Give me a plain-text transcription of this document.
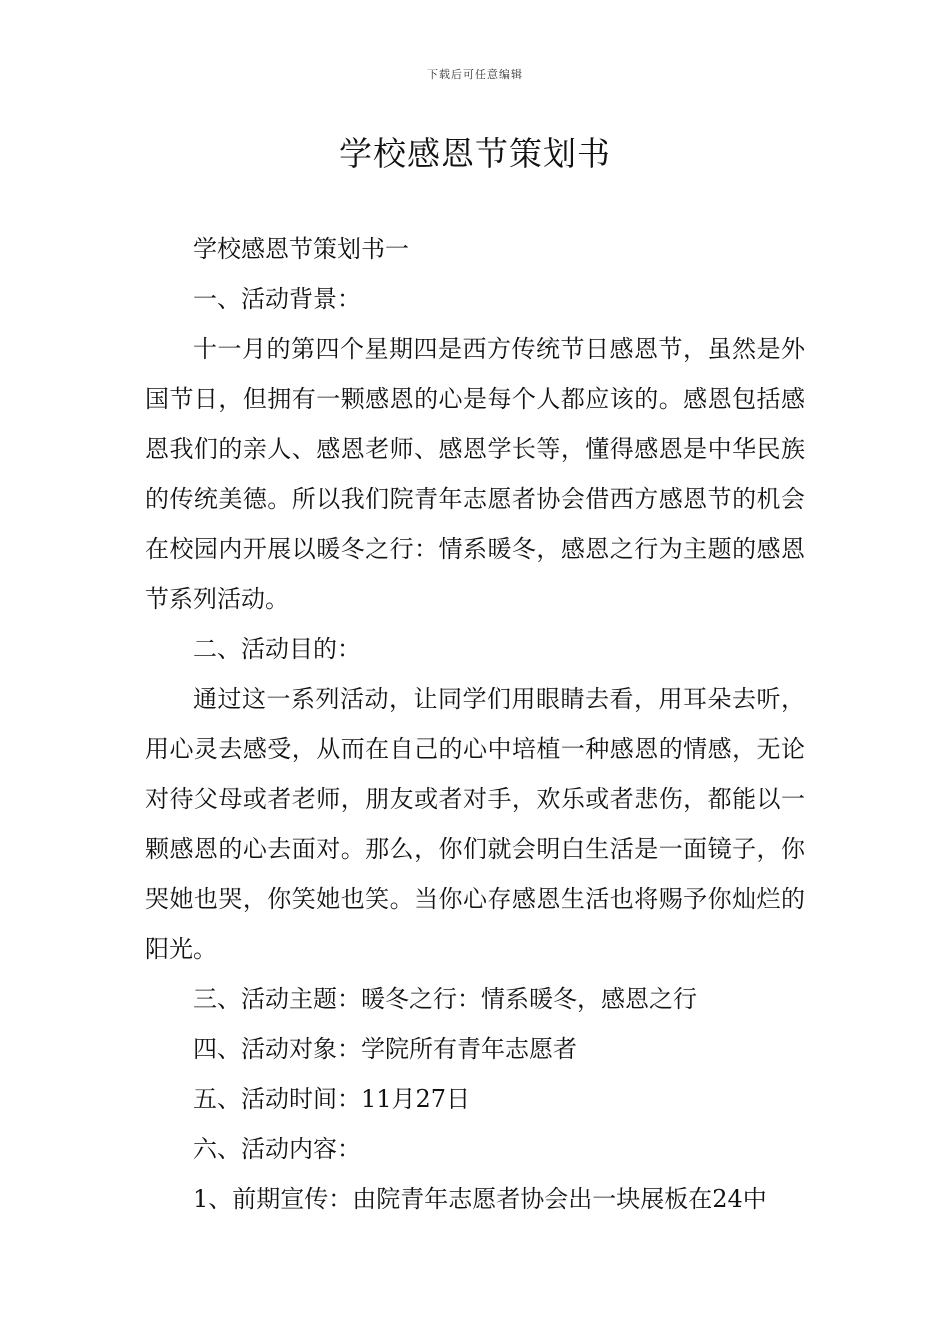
下载后可任意编辑
学校感恩节策划书

学校感恩节策划书一

一、活动背景：

十一月的第四个星期四是西方传统节日感恩节，虽然是外国节日，但拥有一颗感恩的心是每个人都应该的。感恩包括感恩我们的亲人、感恩老师、感恩学长等，懂得感恩是中华民族的传统美德。所以我们院青年志愿者协会借西方感恩节的机会在校园内开展以暖冬之行：情系暖冬，感恩之行为主题的感恩节系列活动。

二、活动目的：

通过这一系列活动，让同学们用眼睛去看，用耳朵去听，用心灵去感受，从而在自己的心中培植一种感恩的情感，无论对待父母或者老师，朋友或者对手，欢乐或者悲伤，都能以一颗感恩的心去面对。那么，你们就会明白生活是一面镜子，你哭她也哭，你笑她也笑。当你心存感恩生活也将赐予你灿烂的阳光。

三、活动主题：暖冬之行：情系暖冬，感恩之行

四、活动对象：学院所有青年志愿者

五、活动时间：11月27日

六、活动内容：

1、前期宣传：由院青年志愿者协会出一块展板在24中
